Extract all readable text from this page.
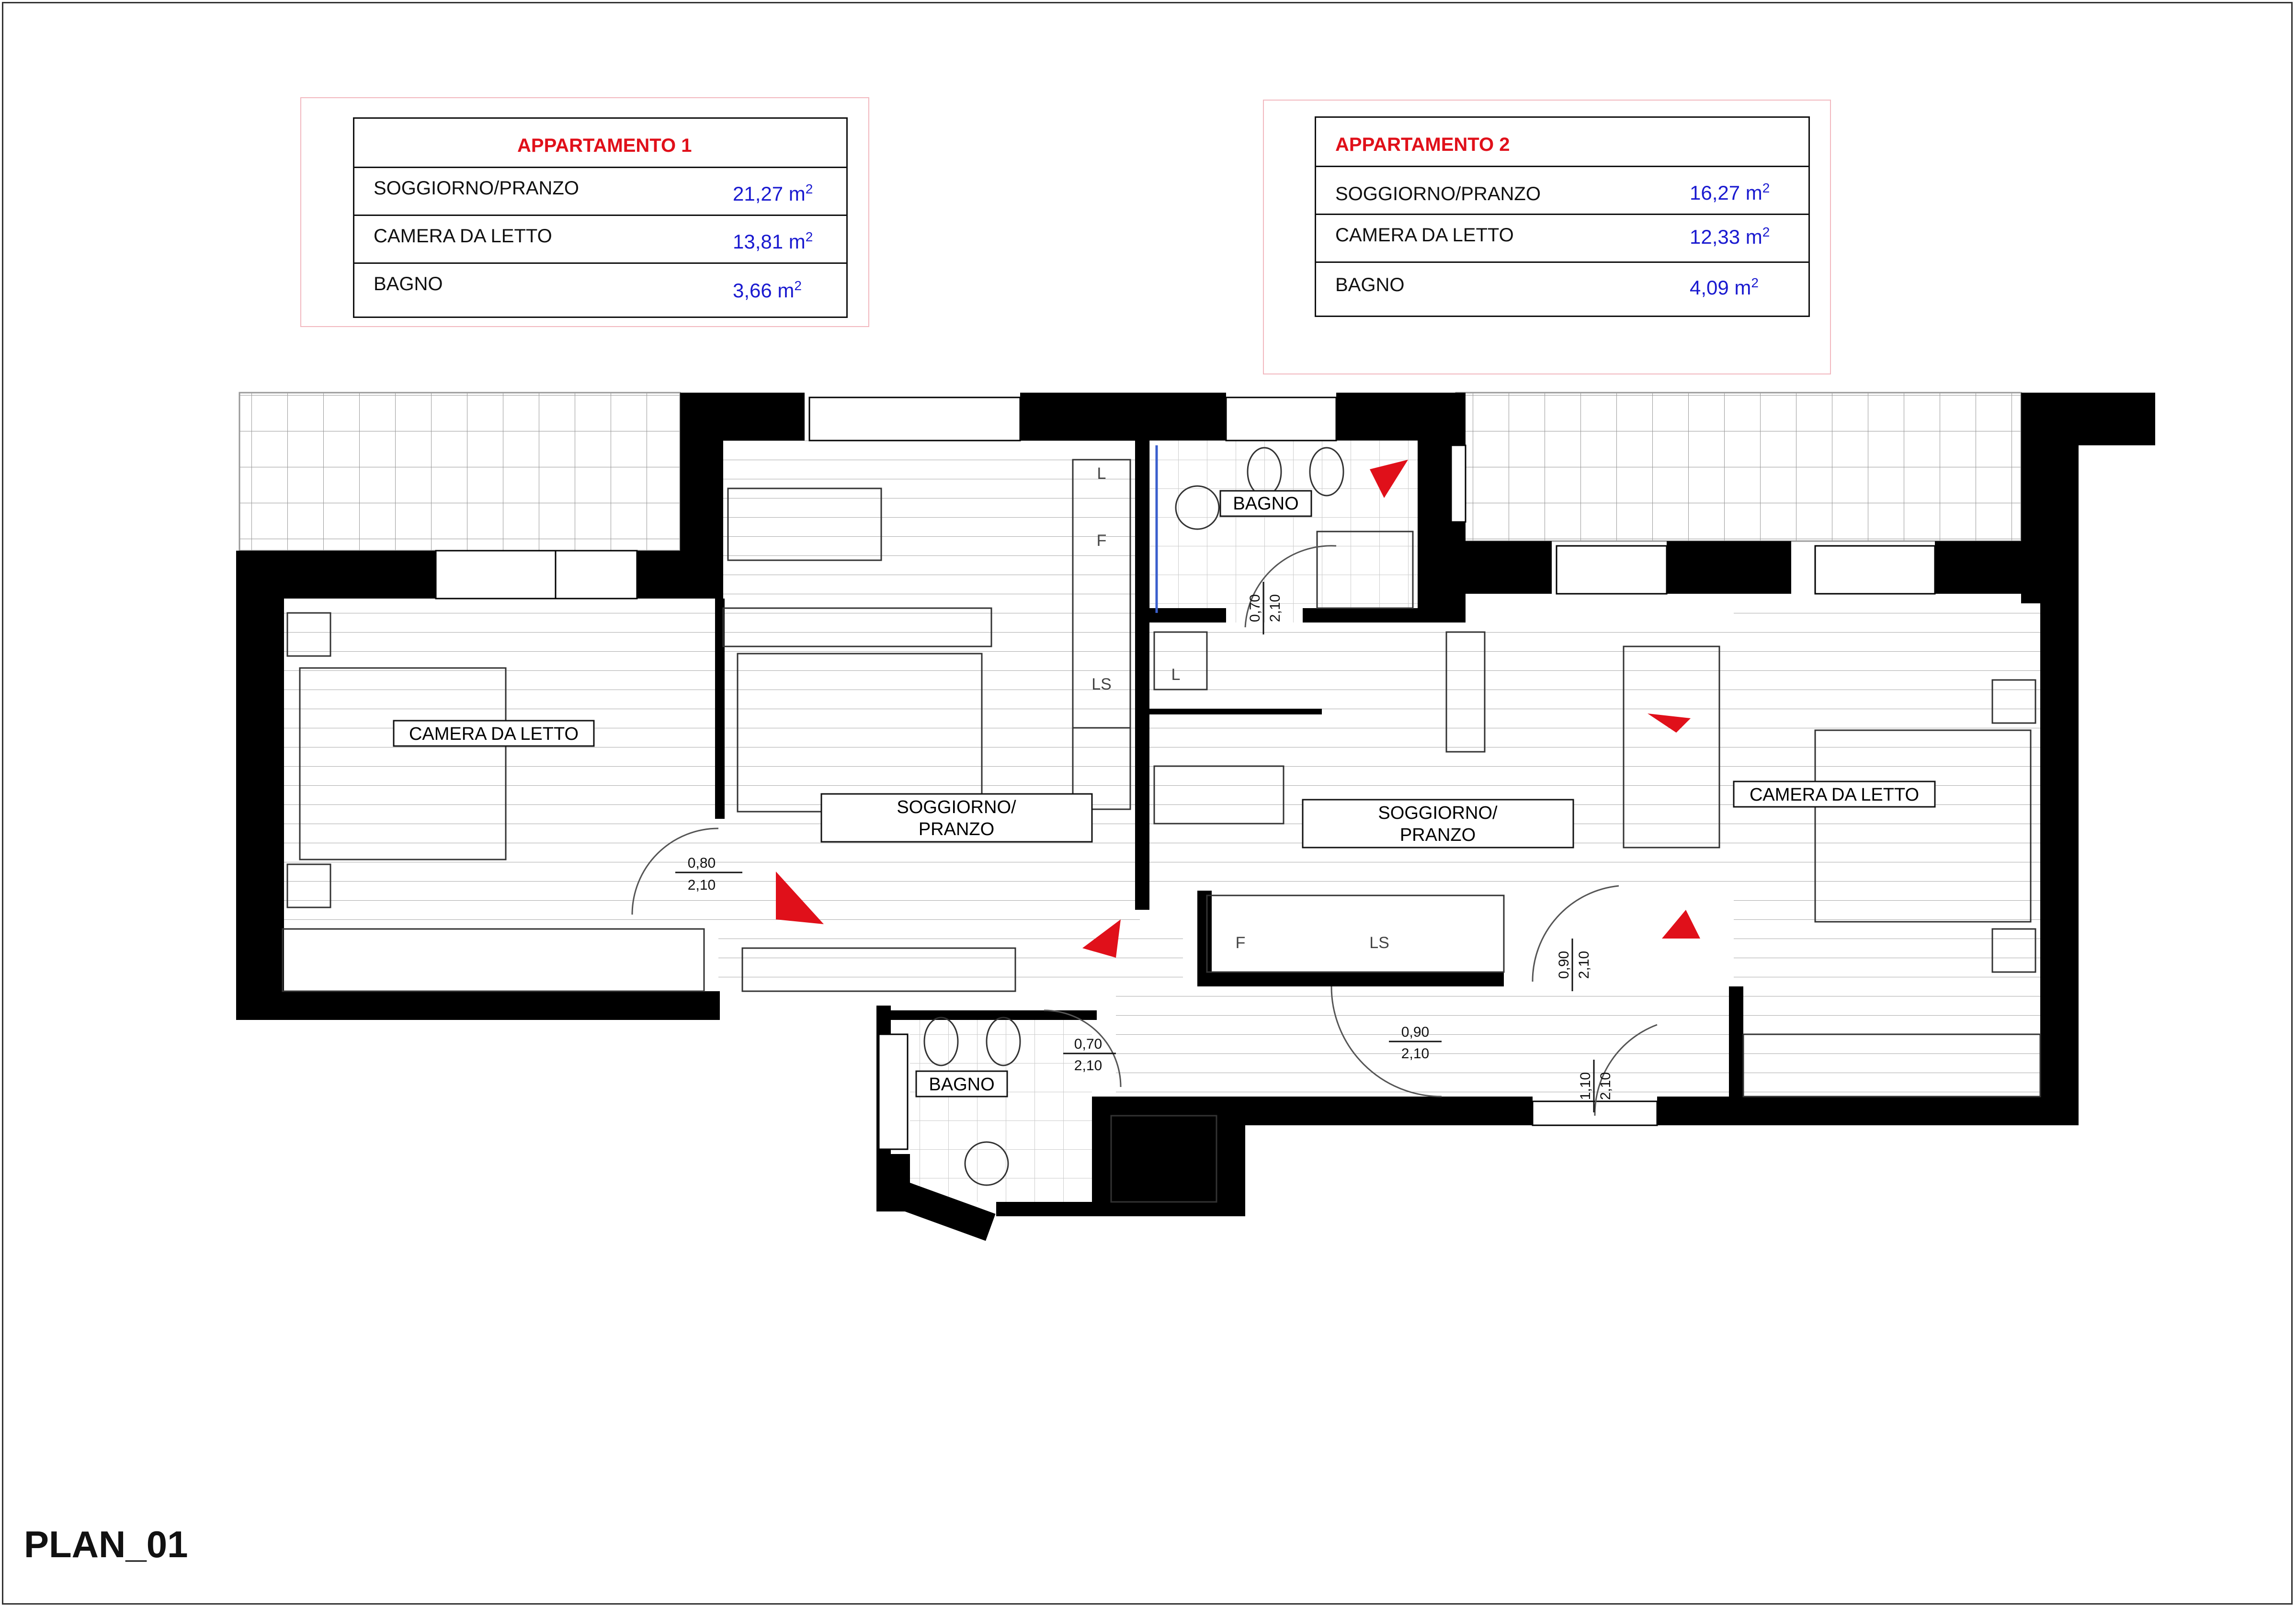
APPARTAMENTO 1
SOGGIORNO/PRANZO	21,27 $m^2$
CAMERA DA LETTO	13,81 $m^2$
BAGNO	3,66 $m^2$
APPARTAMENTO 2
SOGGIORNO/PRANZO	16,27 $m^2$
CAMERA DA LETTO	12,33 $m^2$
BAGNO	4,09 $m^2$
CAMERA DA LETTO
SOGGIORNO/
PRANZO
BAGNO
SOGGIORNO/
PRANZO
CAMERA DA LETTO
BAGNO
0,80
2,10
0,70
2,10
0,90
2,10
0,70 2,10
0,90 2,10
1,10 2,10
L
F
LS
L
F	LS
PLAN_01
